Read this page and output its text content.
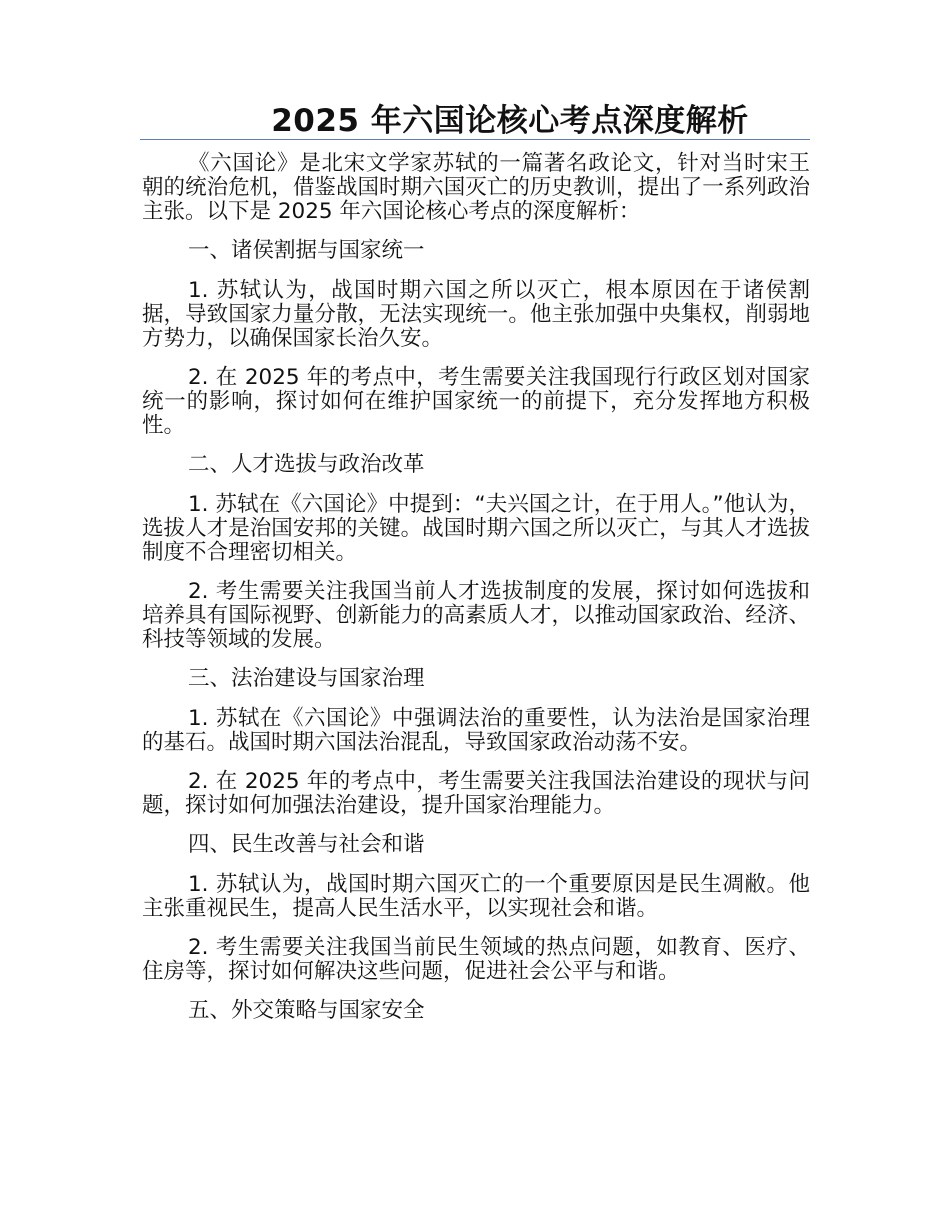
2025 年六国论核心考点深度解析

《六国论》是北宋文学家苏轼的一篇著名政论文，针对当时宋王朝的统治危机，借鉴战国时期六国灭亡的历史教训，提出了一系列政治主张。以下是 2025 年六国论核心考点的深度解析：

一、诸侯割据与国家统一

1. 苏轼认为，战国时期六国之所以灭亡，根本原因在于诸侯割据，导致国家力量分散，无法实现统一。他主张加强中央集权，削弱地方势力，以确保国家长治久安。

2. 在 2025 年的考点中，考生需要关注我国现行行政区划对国家统一的影响，探讨如何在维护国家统一的前提下，充分发挥地方积极性。

二、人才选拔与政治改革

1. 苏轼在《六国论》中提到：“夫兴国之计，在于用人。”他认为，选拔人才是治国安邦的关键。战国时期六国之所以灭亡，与其人才选拔制度不合理密切相关。

2. 考生需要关注我国当前人才选拔制度的发展，探讨如何选拔和培养具有国际视野、创新能力的高素质人才，以推动国家政治、经济、科技等领域的发展。

三、法治建设与国家治理

1. 苏轼在《六国论》中强调法治的重要性，认为法治是国家治理的基石。战国时期六国法治混乱，导致国家政治动荡不安。

2. 在 2025 年的考点中，考生需要关注我国法治建设的现状与问题，探讨如何加强法治建设，提升国家治理能力。

四、民生改善与社会和谐

1. 苏轼认为，战国时期六国灭亡的一个重要原因是民生凋敝。他主张重视民生，提高人民生活水平，以实现社会和谐。

2. 考生需要关注我国当前民生领域的热点问题，如教育、医疗、住房等，探讨如何解决这些问题，促进社会公平与和谐。

五、外交策略与国家安全
